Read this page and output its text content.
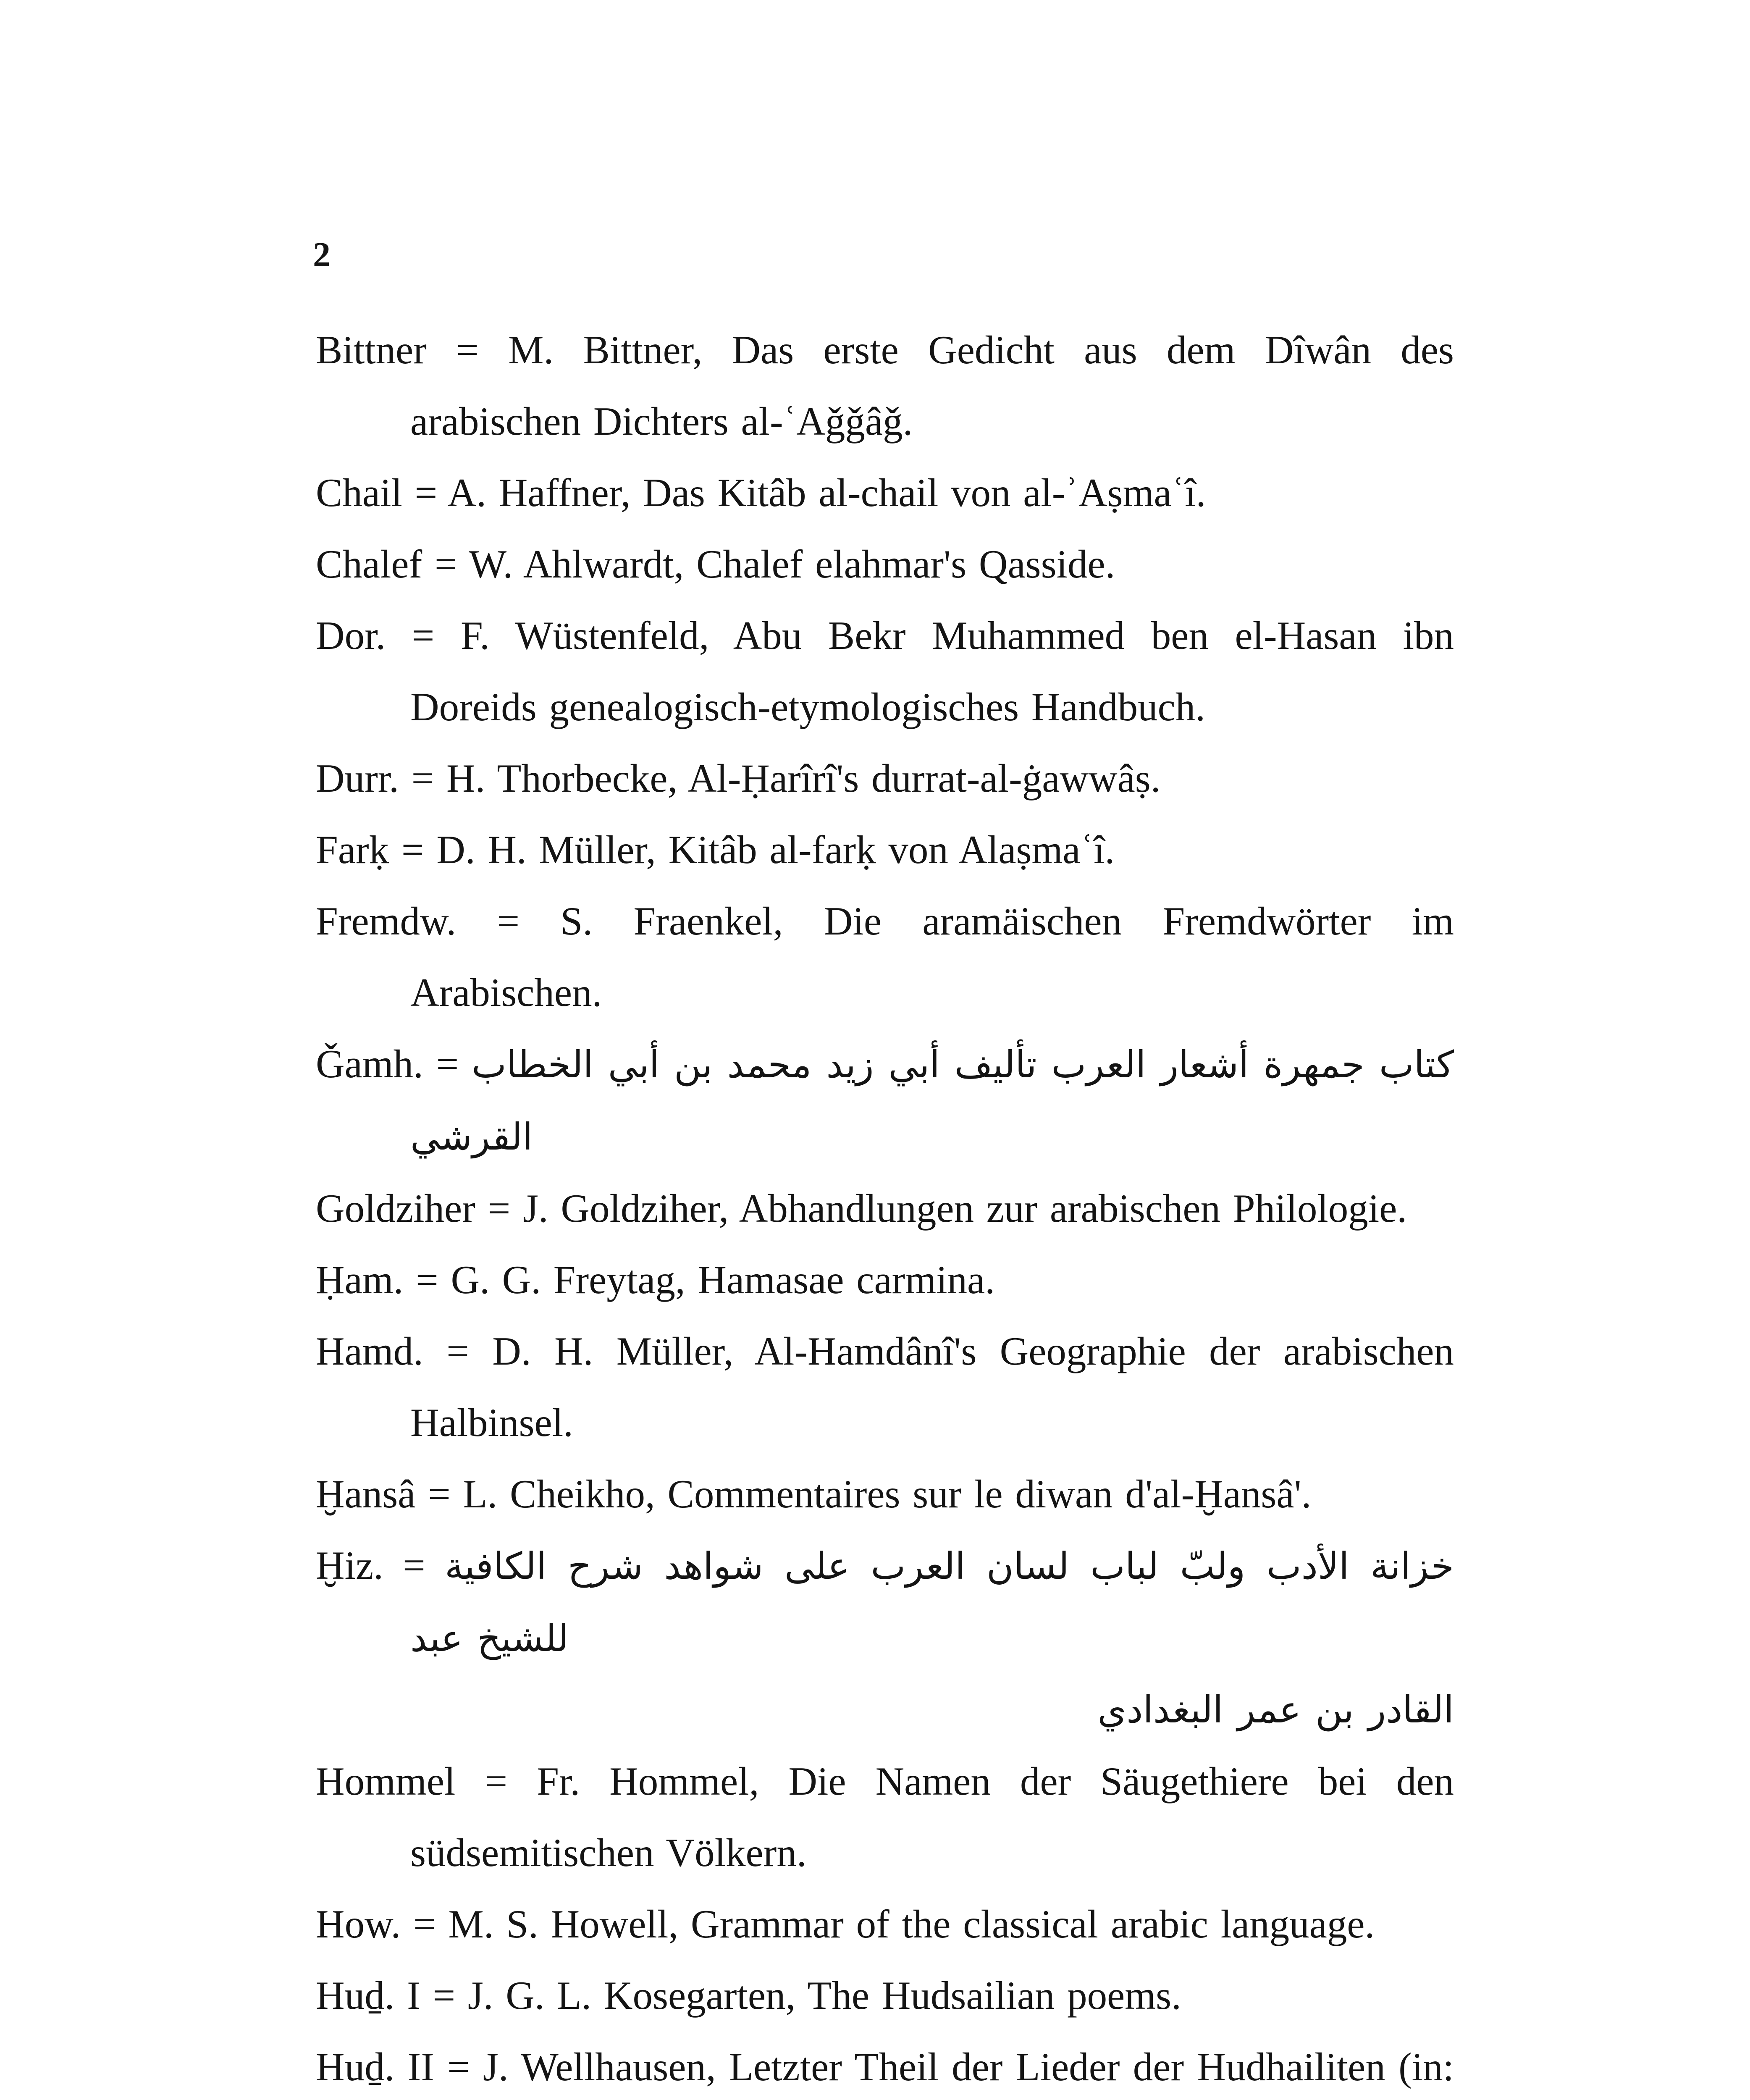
2
Bittner = M. Bittner, Das erste Gedicht aus dem Dîwân des arabischen Dichters al-ʿAǧǧâǧ.
Chail = A. Haffner, Das Kitâb al-chail von al-ʾAṣmaʿî.
Chalef = W. Ahlwardt, Chalef elahmar's Qasside.
Dor. = F. Wüstenfeld, Abu Bekr Muhammed ben el-Hasan ibn Doreids genealogisch-etymologisches Handbuch.
Durr. = H. Thorbecke, Al-Ḥarîrî's durrat-al-ġawwâṣ.
Farḳ = D. H. Müller, Kitâb al-farḳ von Alaṣmaʿî.
Fremdw. = S. Fraenkel, Die aramäischen Fremdwörter im Arabischen.
Ǧamh. = كتاب جمهرة أشعار العرب تأليف أبي زيد محمد بن أبي الخطاب القرشي
Goldziher = J. Goldziher, Abhandlungen zur arabischen Philologie.
Ḥam. = G. G. Freytag, Hamasae carmina.
Hamd. = D. H. Müller, Al-Hamdânî's Geographie der arabischen Halbinsel.
Ḫansâ = L. Cheikho, Commentaires sur le diwan d'al-Ḫansâ'.
Ḫiz. = خزانة الأدب ولبّ لباب لسان العرب على شواهد شرح الكافية للشيخ عبد
القادر بن عمر البغدادي
Hommel = Fr. Hommel, Die Namen der Säugethiere bei den südsemitischen Völkern.
How. = M. S. Howell, Grammar of the classical arabic language.
Huḏ. I = J. G. L. Kosegarten, The Hudsailian poems.
Huḏ. II = J. Wellhausen, Letzter Theil der Lieder der Hudhailiten (in:
